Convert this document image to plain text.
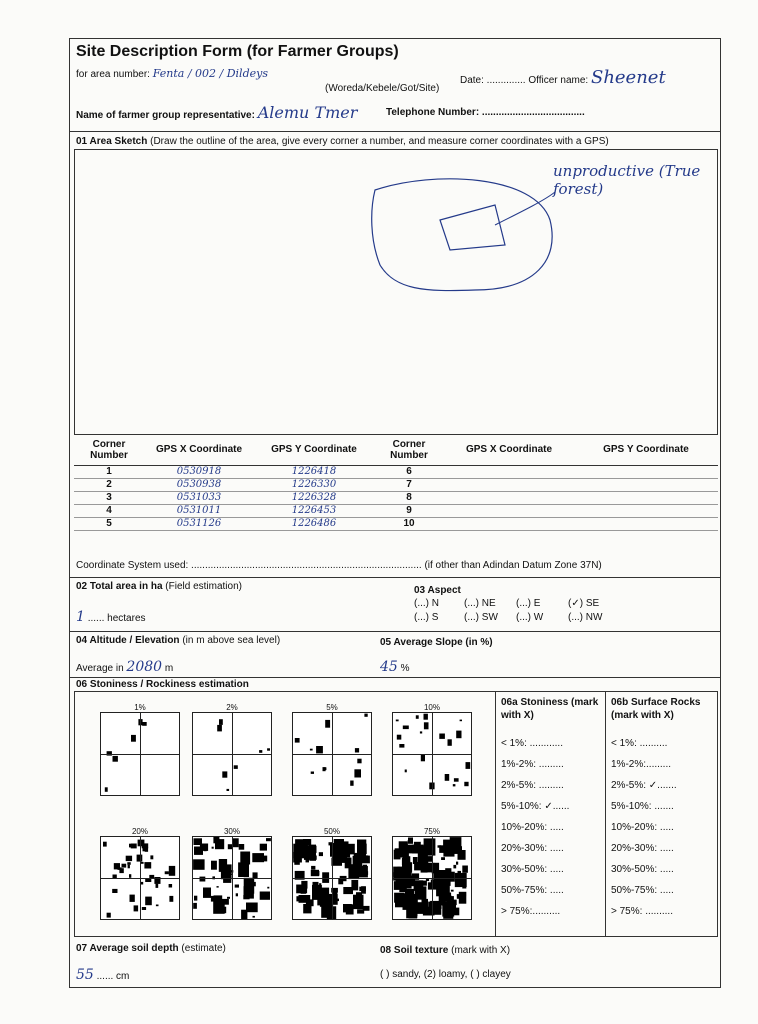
Site Description Form (for Farmer Groups)
for area number: Fenta / 002 / Dildeys
Date: .............. Officer name: Sheenet
(Woreda/Kebele/Got/Site)
Name of farmer group representative: Alemu Tmer	Telephone Number: .....................................
01 Area Sketch (Draw the outline of the area, give every corner a number, and measure corner coordinates with a GPS)
unproductive (True forest)
Corner Number	GPS X Coordinate	GPS Y Coordinate	Corner Number	GPS X Coordinate	GPS Y Coordinate
1	0530918	1226418	6		
2	0530938	1226330	7		
3	0531033	1226328	8		
4	0531011	1226453	9		
5	0531126	1226486	10		
Coordinate System used: ................................................................................... (if other than Adindan Datum Zone 37N)
02 Total area in ha (Field estimation)
1 ...... hectares
03 Aspect
(...) N	(...) NE	(...) E	(✓) SE
(...) S	(...) SW	(...) W	(...) NW
04 Altitude / Elevation (in m above sea level)
Average in 2080 m
05 Average Slope (in %)
45 %
06 Stoniness / Rockiness estimation
1%	2%	5%	10%
20%	30%	50%	75%
06a Stoniness (mark with X)
06b Surface Rocks (mark with X)
< 1%: ............
1%-2%: .........
2%-5%: .........
5%-10%: ✓......
10%-20%: .....
20%-30%: .....
30%-50%: .....
50%-75%: .....
> 75%:..........
< 1%: ..........
1%-2%:.........
2%-5%: ✓.......
5%-10%: .......
10%-20%: .....
20%-30%: .....
30%-50%: .....
50%-75%: .....
> 75%: ..........
07 Average soil depth (estimate)
55 ...... cm
08 Soil texture (mark with X)
( ) sandy, (2) loamy, ( ) clayey
